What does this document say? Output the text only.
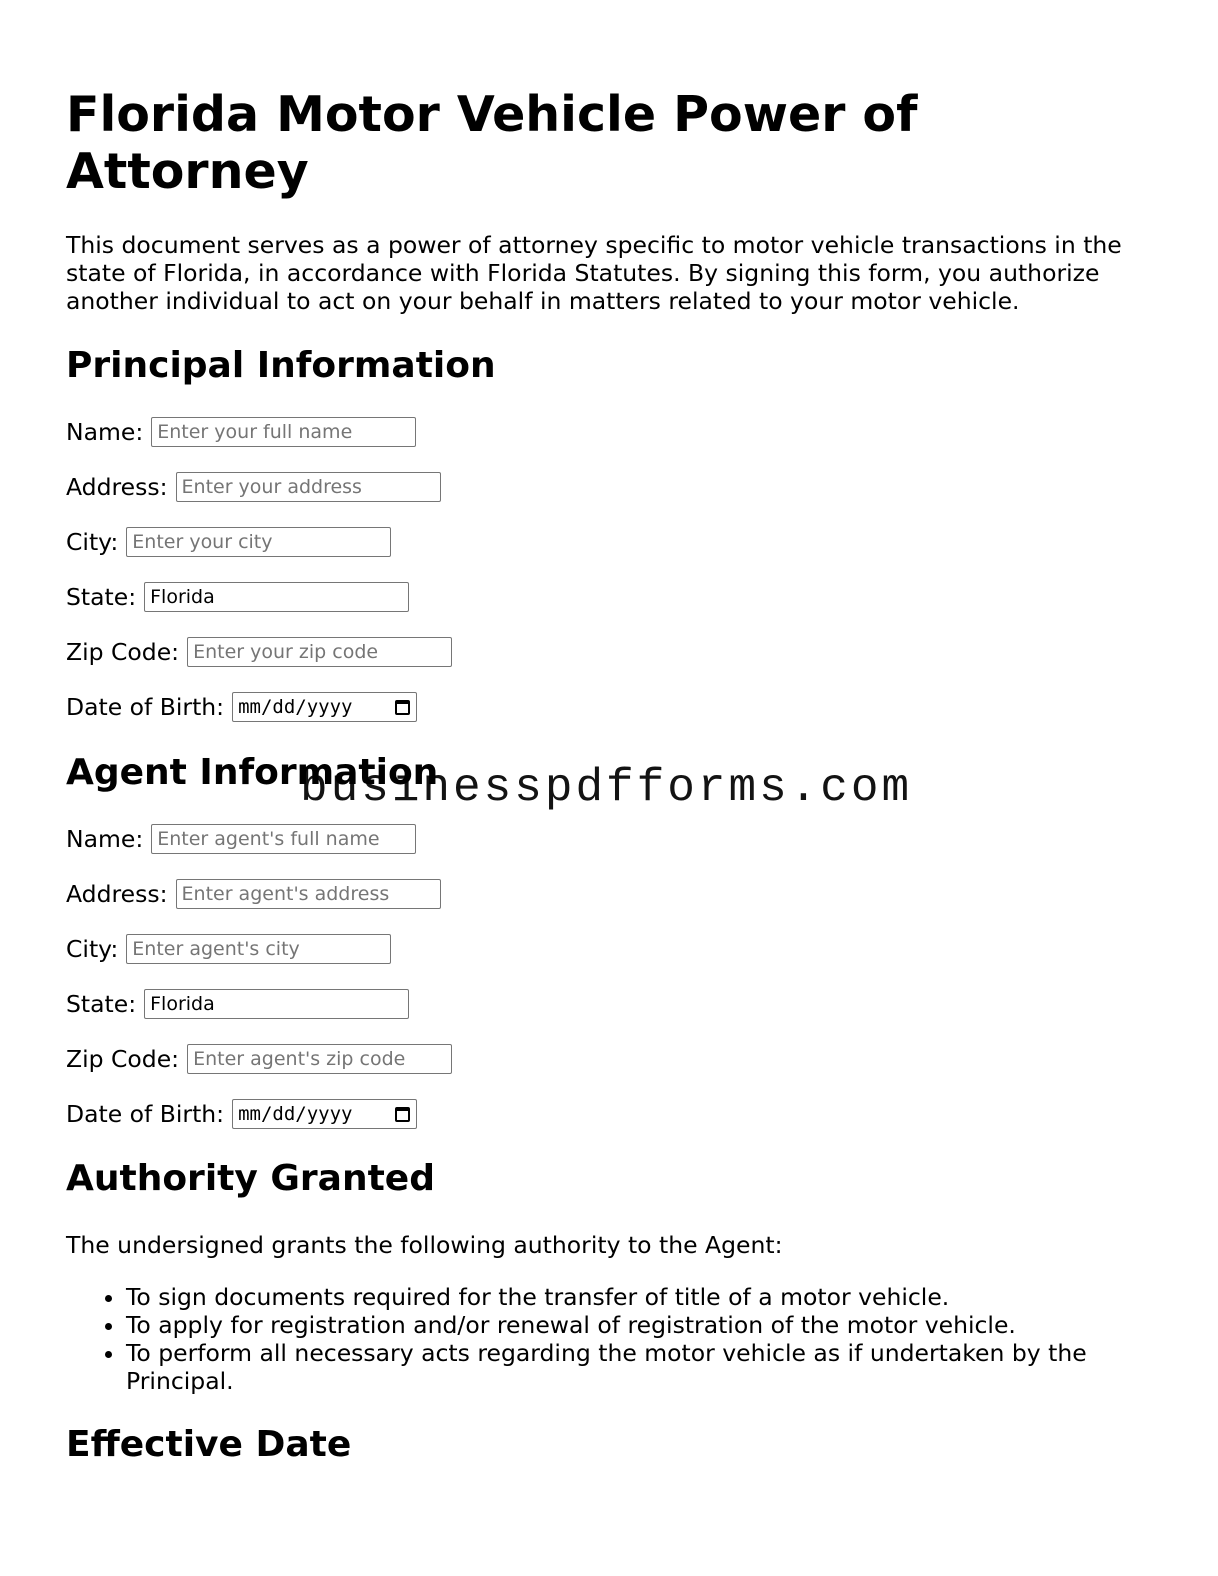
Florida Motor Vehicle Power of Attorney

This document serves as a power of attorney specific to motor vehicle transactions in the state of Florida, in accordance with Florida Statutes. By signing this form, you authorize another individual to act on your behalf in matters related to your motor vehicle.

Principal Information
Name:
Enter your full name
Address:
Enter your address
City:
Enter your city
State:
Florida
Zip Code:
Enter your zip code
Date of Birth: mm/dd/yyyy
Agent Information
Name:
Enter agent's full name
Address:
Enter agent's address
City:
Enter agent's city
State:
Florida
Zip Code:
Enter agent's zip code
Date of Birth: mm/dd/yyyy
Authority Granted

The undersigned grants the following authority to the Agent:

• To sign documents required for the transfer of title of a motor vehicle.
• To apply for registration and/or renewal of registration of the motor vehicle.
• To perform all necessary acts regarding the motor vehicle as if undertaken by the Principal.
Effective Date
businesspdfforms.com
